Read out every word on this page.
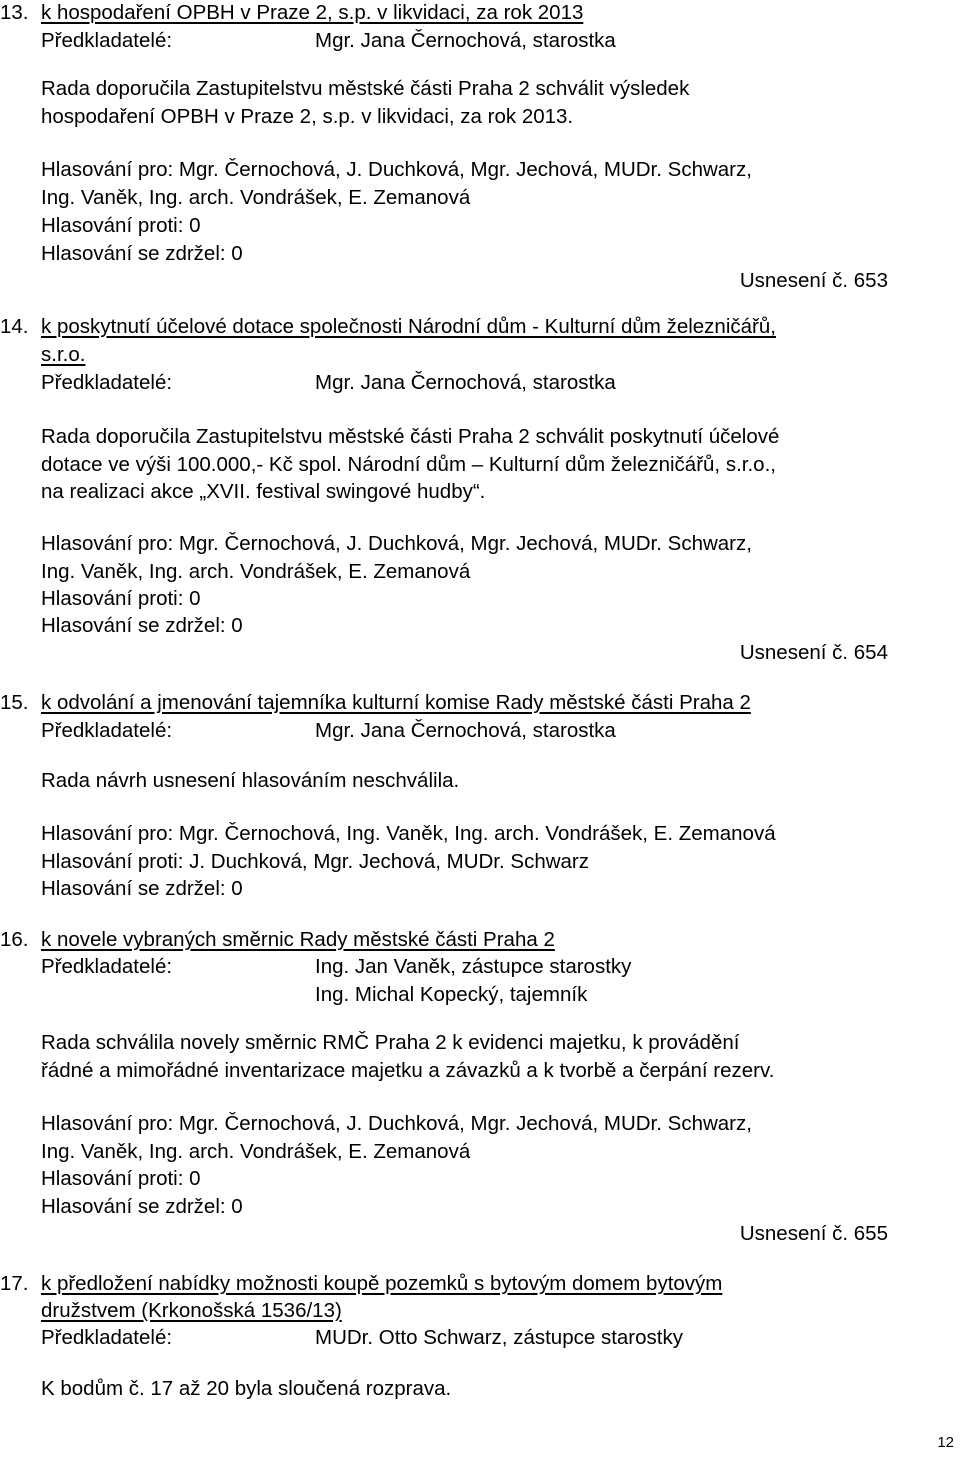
13. k hospodaření OPBH v Praze 2, s.p. v likvidaci, za rok 2013
Předkladatelé:	Mgr. Jana Černochová, starostka
Rada doporučila Zastupitelstvu městské části Praha 2 schválit výsledek
hospodaření OPBH v Praze 2, s.p. v likvidaci, za rok 2013.
Hlasování pro: Mgr. Černochová, J. Duchková, Mgr. Jechová, MUDr. Schwarz,
Ing. Vaněk, Ing. arch. Vondrášek, E. Zemanová
Hlasování proti: 0
Hlasování se zdržel: 0
Usnesení č. 653
14. k poskytnutí účelové dotace společnosti Národní dům - Kulturní dům železničářů,
s.r.o.
Předkladatelé:	Mgr. Jana Černochová, starostka
Rada doporučila Zastupitelstvu městské části Praha 2 schválit poskytnutí účelové
dotace ve výši 100.000,- Kč spol. Národní dům – Kulturní dům železničářů, s.r.o.,
na realizaci akce „XVII. festival swingové hudby“.
Hlasování pro: Mgr. Černochová, J. Duchková, Mgr. Jechová, MUDr. Schwarz,
Ing. Vaněk, Ing. arch. Vondrášek, E. Zemanová
Hlasování proti: 0
Hlasování se zdržel: 0
Usnesení č. 654
15. k odvolání a jmenování tajemníka kulturní komise Rady městské části Praha 2
Předkladatelé:	Mgr. Jana Černochová, starostka
Rada návrh usnesení hlasováním neschválila.
Hlasování pro: Mgr. Černochová, Ing. Vaněk, Ing. arch. Vondrášek, E. Zemanová
Hlasování proti: J. Duchková, Mgr. Jechová, MUDr. Schwarz
Hlasování se zdržel: 0
16. k novele vybraných směrnic Rady městské části Praha 2
Předkladatelé:	Ing. Jan Vaněk, zástupce starostky
Ing. Michal Kopecký, tajemník
Rada schválila novely směrnic RMČ Praha 2 k evidenci majetku, k provádění
řádné a mimořádné inventarizace majetku a závazků a k tvorbě a čerpání rezerv.
Hlasování pro: Mgr. Černochová, J. Duchková, Mgr. Jechová, MUDr. Schwarz,
Ing. Vaněk, Ing. arch. Vondrášek, E. Zemanová
Hlasování proti: 0
Hlasování se zdržel: 0
Usnesení č. 655
17. k předložení nabídky možnosti koupě pozemků s bytovým domem bytovým
družstvem (Krkonošská 1536/13)
Předkladatelé:	MUDr. Otto Schwarz, zástupce starostky
K bodům č. 17 až 20 byla sloučená rozprava.
12
